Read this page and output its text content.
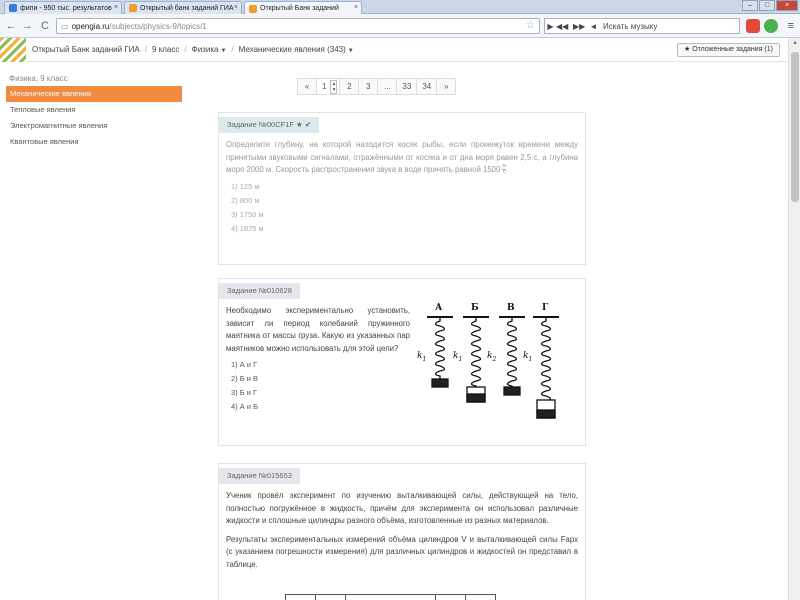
фипи - 950 тыс. результатов ×	Открытый банк заданий ГИА ×	Открытый Банк заданий ×	–	□	×
← → C	▭ opengia.ru /subjects/physics-9/topics/1	☆	▶ ◀◀ ▶▶ ◄ Искать музыку	≡
Открытый Банк заданий ГИА / 9 класс / Физика ▼ / Механические явления (343) ▼	★ Отложенные задания (1)
▲
Физика, 9 класс
Механические явления
Тепловые явления
Электромагнитные явления
Квантовые явления
«	1 ▲
▼	2	3	...	33	34	»
Задание №00CF1F ★ ✔
Определите глубину, на которой находится косяк рыбы, если промежуток времени между принятыми звуковыми сигналами, отражёнными от косяка и от дна моря равен 2,5 с, а глубина моря 2000 м. Скорость распространения звука в воде принять равной $1500 \frac{м}{с}$ .
1) 125 м
2) 800 м
3) 1750 м
4) 1875 м
Задание №010628
Необходимо экспериментально установить, зависит ли период колебаний пружинного маятника от массы груза. Какую из указанных пар маятников можно использовать для этой цели?
1) А и Г
2) Б и В
3) Б и Г
4) А и Б
А	Б	В	Г
$k_1$	$k_1$	$k_2$	$k_1$
Задание №015653
Ученик провёл эксперимент по изучению выталкивающей силы, действующей на тело, полностью погружённое в жидкость, причём для эксперимента он использовал различные жидкости и сплошные цилиндры разного объёма, изготовленные из разных материалов.
Результаты экспериментальных измерений объёма цилиндров V и выталкивающей силы Fарх (с указанием погрешности измерения) для различных цилиндров и жидкостей он представил в таблице.
